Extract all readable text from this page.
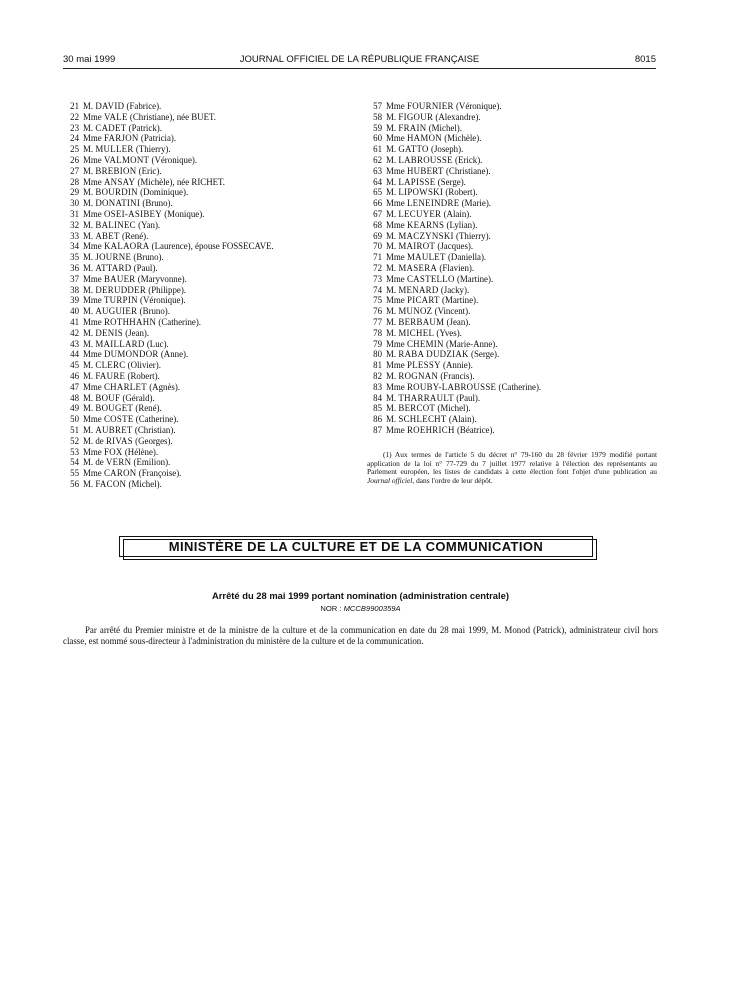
30 mai 1999	JOURNAL OFFICIEL DE LA RÉPUBLIQUE FRANÇAISE	8015
21 M. DAVID (Fabrice).
22 Mme VALE (Christiane), née BUET.
23 M. CADET (Patrick).
24 Mme FARJON (Patricia).
25 M. MULLER (Thierry).
26 Mme VALMONT (Véronique).
27 M. BREBION (Eric).
28 Mme ANSAY (Michèle), née RICHET.
29 M. BOURDIN (Dominique).
30 M. DONATINI (Bruno).
31 Mme OSEI-ASIBEY (Monique).
32 M. BALINEC (Yan).
33 M. ABET (René).
34 Mme KALAORA (Laurence), épouse FOSSECAVE.
35 M. JOURNE (Bruno).
36 M. ATTARD (Paul).
37 Mme BAUER (Maryvonne).
38 M. DERUDDER (Philippe).
39 Mme TURPIN (Véronique).
40 M. AUGUIER (Bruno).
41 Mme ROTHHAHN (Catherine).
42 M. DENIS (Jean).
43 M. MAILLARD (Luc).
44 Mme DUMONDOR (Anne).
45 M. CLERC (Olivier).
46 M. FAURE (Robert).
47 Mme CHARLET (Agnès).
48 M. BOUF (Gérald).
49 M. BOUGET (René).
50 Mme COSTE (Catherine).
51 M. AUBRET (Christian).
52 M. de RIVAS (Georges).
53 Mme FOX (Hélène).
54 M. de VERN (Emilion).
55 Mme CARON (Françoise).
56 M. FACON (Michel).
57 Mme FOURNIER (Véronique).
58 M. FIGOUR (Alexandre).
59 M. FRAIN (Michel).
60 Mme HAMON (Michèle).
61 M. GATTO (Joseph).
62 M. LABROUSSE (Erick).
63 Mme HUBERT (Christiane).
64 M. LAPISSE (Serge).
65 M. LIPOWSKI (Robert).
66 Mme LENEINDRE (Marie).
67 M. LECUYER (Alain).
68 Mme KEARNS (Lylian).
69 M. MACZYNSKI (Thierry).
70 M. MAIROT (Jacques).
71 Mme MAULET (Daniella).
72 M. MASERA (Flavien).
73 Mme CASTELLO (Martine).
74 M. MENARD (Jacky).
75 Mme PICART (Martine).
76 M. MUNOZ (Vincent).
77 M. BERBAUM (Jean).
78 M. MICHEL (Yves).
79 Mme CHEMIN (Marie-Anne).
80 M. RABA DUDZIAK (Serge).
81 Mme PLESSY (Annie).
82 M. ROGNAN (Francis).
83 Mme ROUBY-LABROUSSE (Catherine).
84 M. THARRAULT (Paul).
85 M. BERCOT (Michel).
86 M. SCHLECHT (Alain).
87 Mme ROEHRICH (Béatrice).
(1) Aux termes de l'article 5 du décret n° 79-160 du 28 février 1979 modifié portant application de la loi n° 77-729 du 7 juillet 1977 relative à l'élection des représentants au Parlement européen, les listes de candidats à cette élection font l'objet d'une publication au Journal officiel, dans l'ordre de leur dépôt.
MINISTÈRE DE LA CULTURE ET DE LA COMMUNICATION
Arrêté du 28 mai 1999 portant nomination (administration centrale)
NOR : MCCB9900359A
Par arrêté du Premier ministre et de la ministre de la culture et de la communication en date du 28 mai 1999, M. Monod (Patrick), administrateur civil hors classe, est nommé sous-directeur à l'administration du ministère de la culture et de la communication.
